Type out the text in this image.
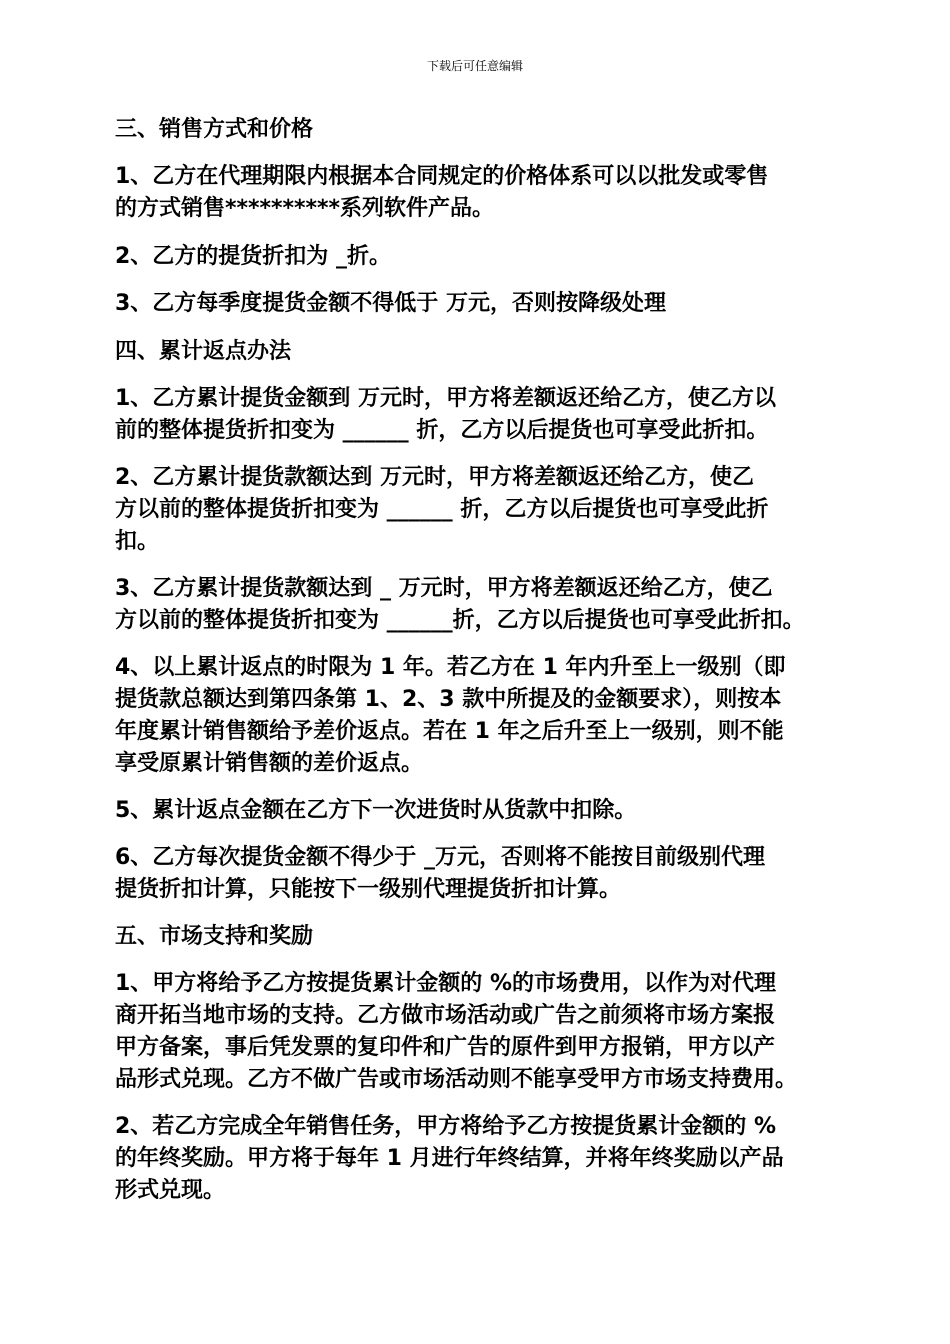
下载后可任意编辑
三、销售方式和价格
1、乙方在代理期限内根据本合同规定的价格体系可以以批发或零售
的方式销售**********系列软件产品。
2、乙方的提货折扣为 _折。
3、乙方每季度提货金额不得低于 万元，否则按降级处理
四、累计返点办法
1、乙方累计提货金额到 万元时，甲方将差额返还给乙方，使乙方以
前的整体提货折扣变为 ______ 折，乙方以后提货也可享受此折扣。
2、乙方累计提货款额达到 万元时，甲方将差额返还给乙方，使乙
方以前的整体提货折扣变为 ______ 折，乙方以后提货也可享受此折
扣。
3、乙方累计提货款额达到 _ 万元时，甲方将差额返还给乙方，使乙
方以前的整体提货折扣变为 ______折，乙方以后提货也可享受此折扣。
4、以上累计返点的时限为 1 年。若乙方在 1 年内升至上一级别（即
提货款总额达到第四条第 1、2、3 款中所提及的金额要求），则按本
年度累计销售额给予差价返点。若在 1 年之后升至上一级别，则不能
享受原累计销售额的差价返点。
5、累计返点金额在乙方下一次进货时从货款中扣除。
6、乙方每次提货金额不得少于 _万元，否则将不能按目前级别代理
提货折扣计算，只能按下一级别代理提货折扣计算。
五、市场支持和奖励
1、甲方将给予乙方按提货累计金额的 %的市场费用，以作为对代理
商开拓当地市场的支持。乙方做市场活动或广告之前须将市场方案报
甲方备案，事后凭发票的复印件和广告的原件到甲方报销，甲方以产
品形式兑现。乙方不做广告或市场活动则不能享受甲方市场支持费用。
2、若乙方完成全年销售任务，甲方将给予乙方按提货累计金额的 %
的年终奖励。甲方将于每年 1 月进行年终结算，并将年终奖励以产品
形式兑现。
